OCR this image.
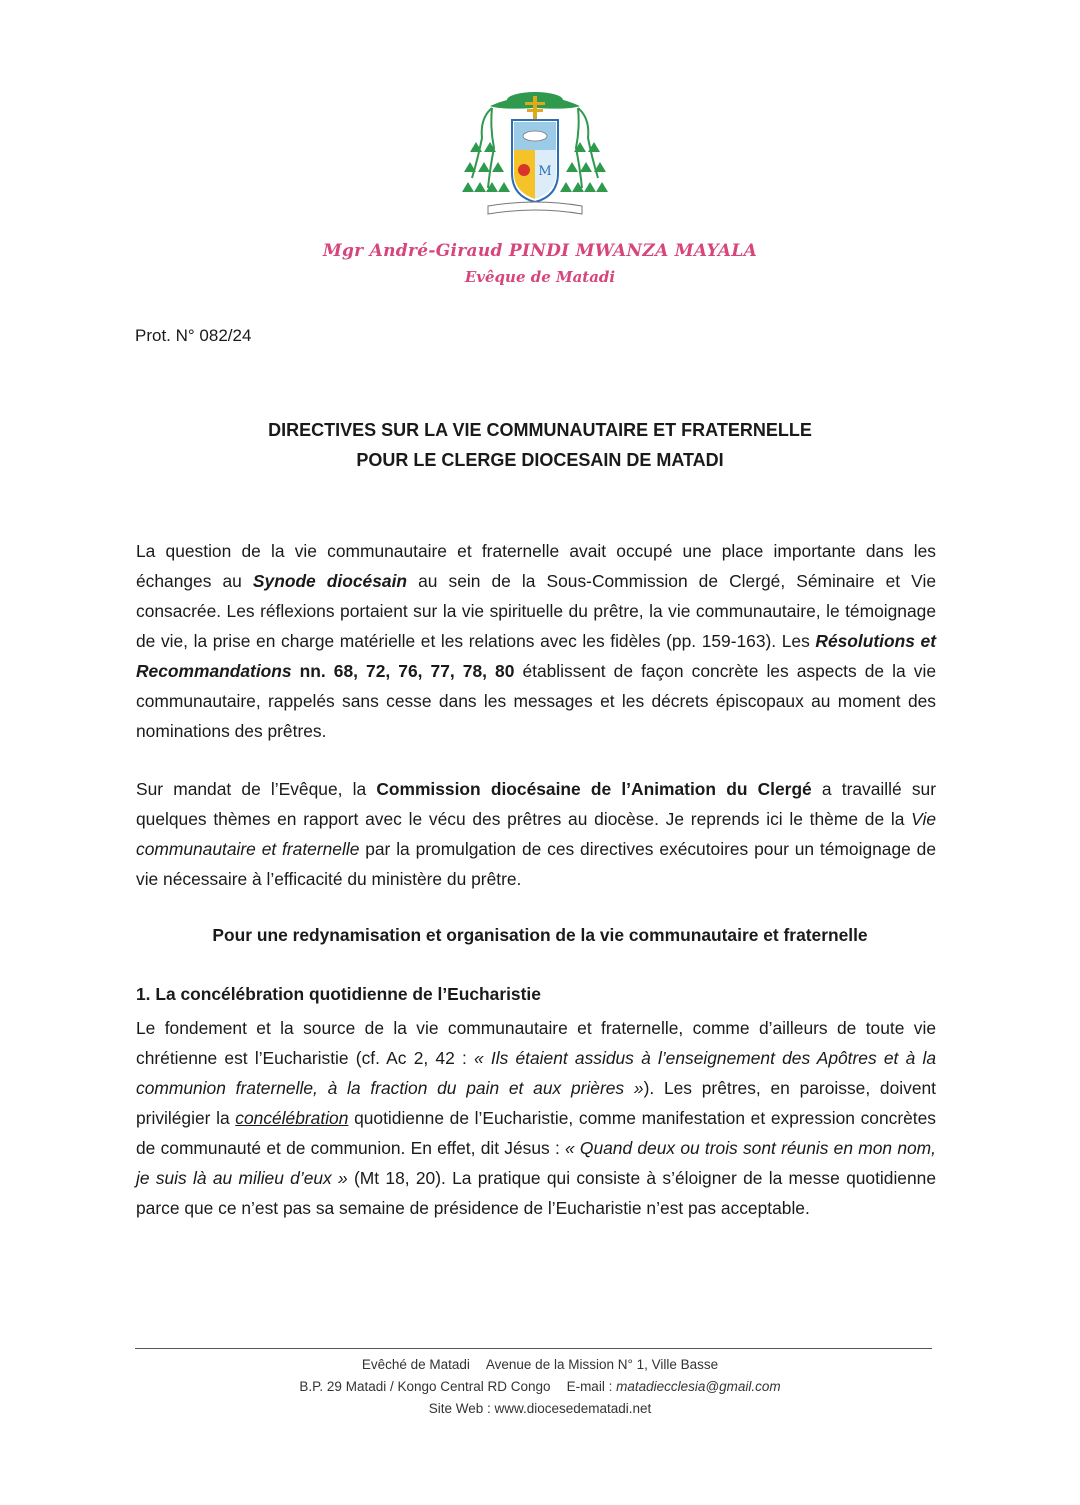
M
Mgr André-Giraud PINDI MWANZA MAYALA
Evêque de Matadi
Prot. N° 082/24
DIRECTIVES SUR LA VIE COMMUNAUTAIRE ET FRATERNELLE
POUR LE CLERGE DIOCESAIN DE MATADI

La question de la vie communautaire et fraternelle avait occupé une place importante dans les échanges au Synode diocésain au sein de la Sous-Commission de Clergé, Séminaire et Vie consacrée. Les réflexions portaient sur la vie spirituelle du prêtre, la vie communautaire, le témoignage de vie, la prise en charge matérielle et les relations avec les fidèles (pp. 159-163). Les Résolutions et Recommandations nn. 68, 72, 76, 77, 78, 80 établissent de façon concrète les aspects de la vie communautaire, rappelés sans cesse dans les messages et les décrets épiscopaux au moment des nominations des prêtres.

Sur mandat de l’Evêque, la Commission diocésaine de l’Animation du Clergé a travaillé sur quelques thèmes en rapport avec le vécu des prêtres au diocèse. Je reprends ici le thème de la Vie communautaire et fraternelle par la promulgation de ces directives exécutoires pour un témoignage de vie nécessaire à l’efficacité du ministère du prêtre.

Pour une redynamisation et organisation de la vie communautaire et fraternelle
1. La concélébration quotidienne de l’Eucharistie

Le fondement et la source de la vie communautaire et fraternelle, comme d’ailleurs de toute vie chrétienne est l’Eucharistie (cf. Ac 2, 42 : « Ils étaient assidus à l’enseignement des Apôtres et à la communion fraternelle, à la fraction du pain et aux prières »). Les prêtres, en paroisse, doivent privilégier la concélébration quotidienne de l’Eucharistie, comme manifestation et expression concrètes de communauté et de communion. En effet, dit Jésus : « Quand deux ou trois sont réunis en mon nom, je suis là au milieu d’eux » (Mt 18, 20). La pratique qui consiste à s’éloigner de la messe quotidienne parce que ce n’est pas sa semaine de présidence de l’Eucharistie n’est pas acceptable.

Evêché de Matadi Avenue de la Mission N° 1, Ville Basse
B.P. 29 Matadi / Kongo Central RD Congo E-mail : matadiecclesia@gmail.com
Site Web : www.diocesedematadi.net
